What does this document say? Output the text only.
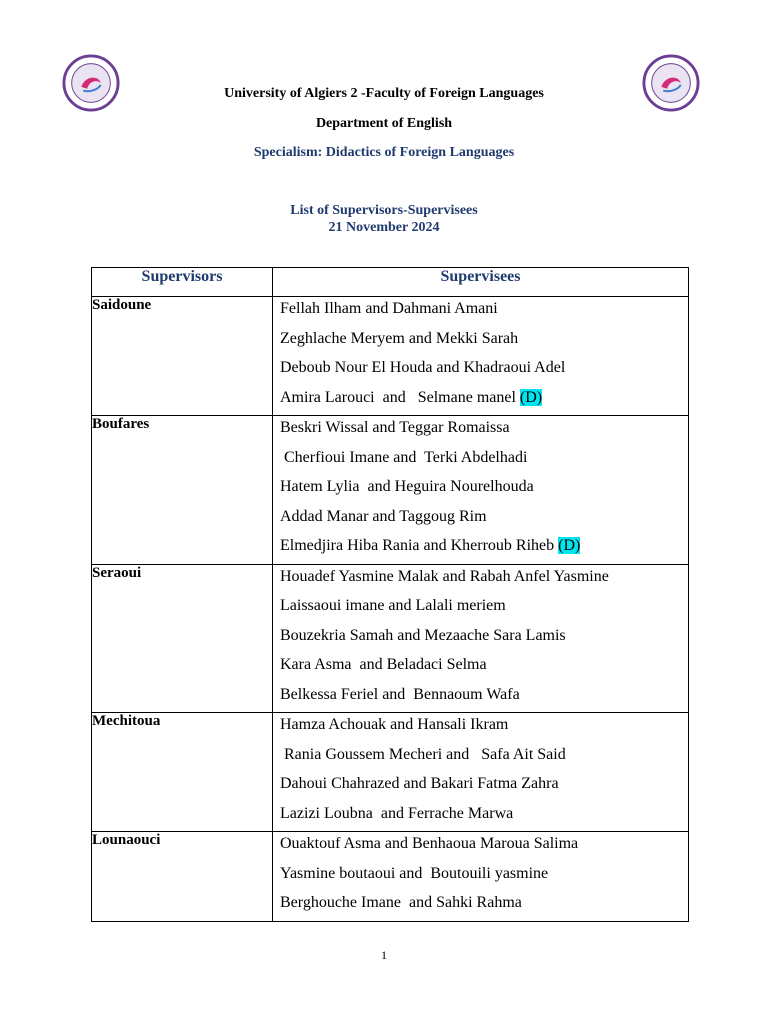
University of Algiers 2 -Faculty of Foreign Languages
Department of English
Specialism: Didactics of Foreign Languages
List of Supervisors-Supervisees
21 November 2024
Supervisors	Supervisees
Saidoune	Fellah Ilham and Dahmani Amani
Zeghlache Meryem and Mekki Sarah
Deboub Nour El Houda and Khadraoui Adel
Amira Larouci  and   Selmane manel (D)

Boufares	Beskri Wissal and Teggar Romaissa
Cherfioui Imane and  Terki Abdelhadi
Hatem Lylia  and Heguira Nourelhouda
Addad Manar and Taggoug Rim
Elmedjira Hiba Rania and Kherroub Riheb (D)

Seraoui	Houadef Yasmine Malak and Rabah Anfel Yasmine
Laissaoui imane and Lalali meriem
Bouzekria Samah and Mezaache Sara Lamis
Kara Asma  and Beladaci Selma
Belkessa Feriel and  Bennaoum Wafa

Mechitoua	Hamza Achouak and Hansali Ikram
Rania Goussem Mecheri and   Safa Ait Said
Dahoui Chahrazed and Bakari Fatma Zahra
Lazizi Loubna  and Ferrache Marwa

Lounaouci	Ouaktouf Asma and Benhaoua Maroua Salima
Yasmine boutaoui and  Boutouili yasmine
Berghouche Imane  and Sahki Rahma
1
